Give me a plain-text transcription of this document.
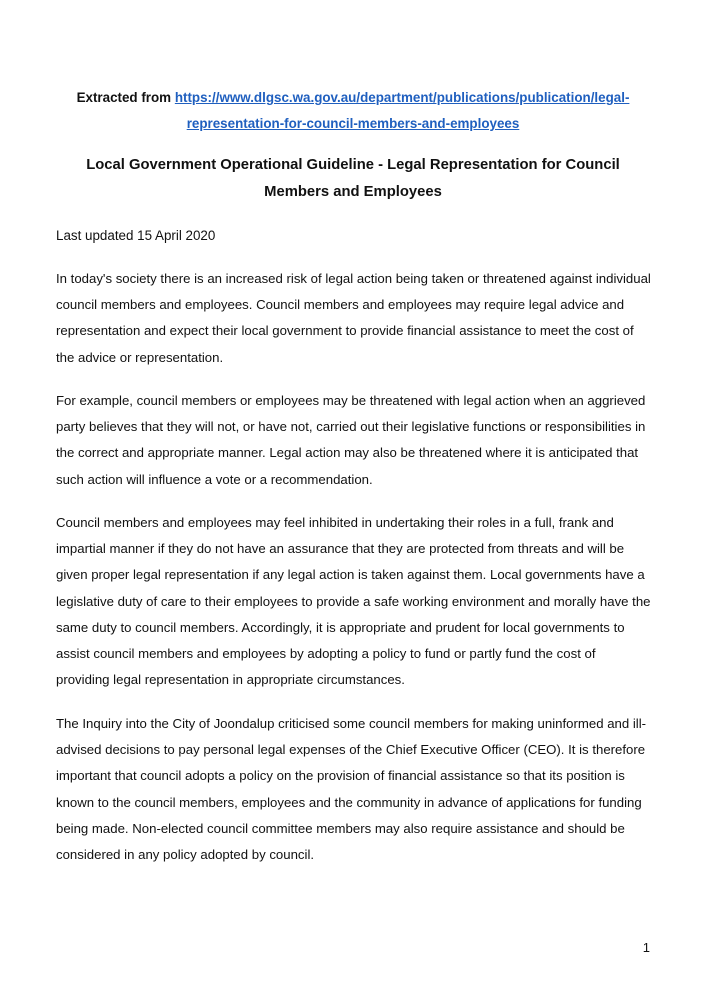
Extracted from https://www.dlgsc.wa.gov.au/department/publications/publication/legal-representation-for-council-members-and-employees
Local Government Operational Guideline - Legal Representation for Council Members and Employees

Last updated 15 April 2020

In today's society there is an increased risk of legal action being taken or threatened against individual council members and employees. Council members and employees may require legal advice and representation and expect their local government to provide financial assistance to meet the cost of the advice or representation.

For example, council members or employees may be threatened with legal action when an aggrieved party believes that they will not, or have not, carried out their legislative functions or responsibilities in the correct and appropriate manner. Legal action may also be threatened where it is anticipated that such action will influence a vote or a recommendation.

Council members and employees may feel inhibited in undertaking their roles in a full, frank and impartial manner if they do not have an assurance that they are protected from threats and will be given proper legal representation if any legal action is taken against them. Local governments have a legislative duty of care to their employees to provide a safe working environment and morally have the same duty to council members. Accordingly, it is appropriate and prudent for local governments to assist council members and employees by adopting a policy to fund or partly fund the cost of providing legal representation in appropriate circumstances.

The Inquiry into the City of Joondalup criticised some council members for making uninformed and ill-advised decisions to pay personal legal expenses of the Chief Executive Officer (CEO). It is therefore important that council adopts a policy on the provision of financial assistance so that its position is known to the council members, employees and the community in advance of applications for funding being made. Non-elected council committee members may also require assistance and should be considered in any policy adopted by council.

1
